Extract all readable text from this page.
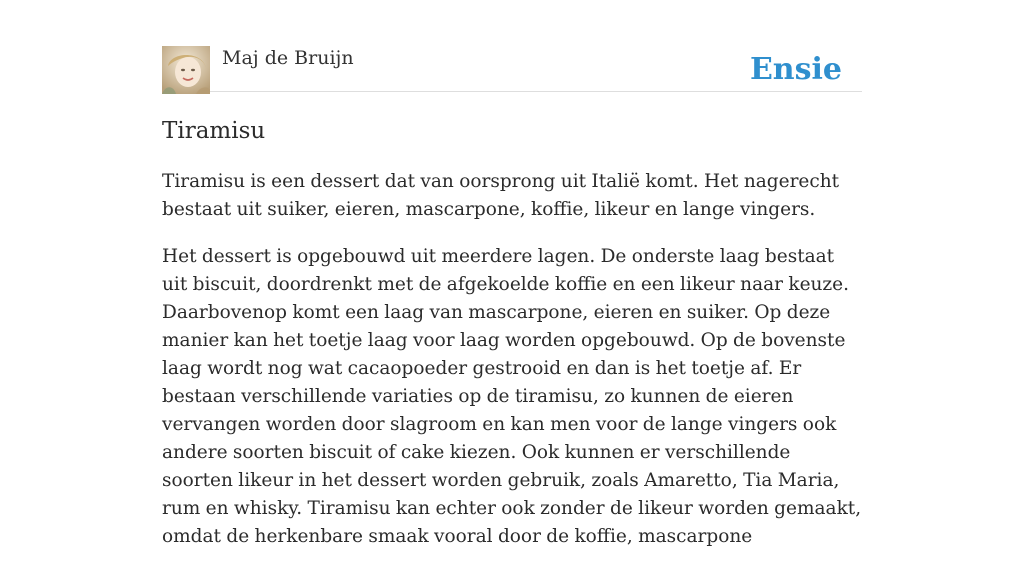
Maj de Bruijn	Ensie
Tiramisu

Tiramisu is een dessert dat van oorsprong uit Italië komt. Het nagerecht bestaat uit suiker, eieren, mascarpone, koffie, likeur en lange vingers.

Het dessert is opgebouwd uit meerdere lagen. De onderste laag bestaat uit biscuit, doordrenkt met de afgekoelde koffie en een likeur naar keuze. Daarbovenop komt een laag van mascarpone, eieren en suiker. Op deze manier kan het toetje laag voor laag worden opgebouwd. Op de bovenste laag wordt nog wat cacaopoeder gestrooid en dan is het toetje af. Er bestaan verschillende variaties op de tiramisu, zo kunnen de eieren vervangen worden door slagroom en kan men voor de lange vingers ook andere soorten biscuit of cake kiezen. Ook kunnen er verschillende soorten likeur in het dessert worden gebruik, zoals Amaretto, Tia Maria, rum en whisky. Tiramisu kan echter ook zonder de likeur worden gemaakt, omdat de herkenbare smaak vooral door de koffie, mascarpone
